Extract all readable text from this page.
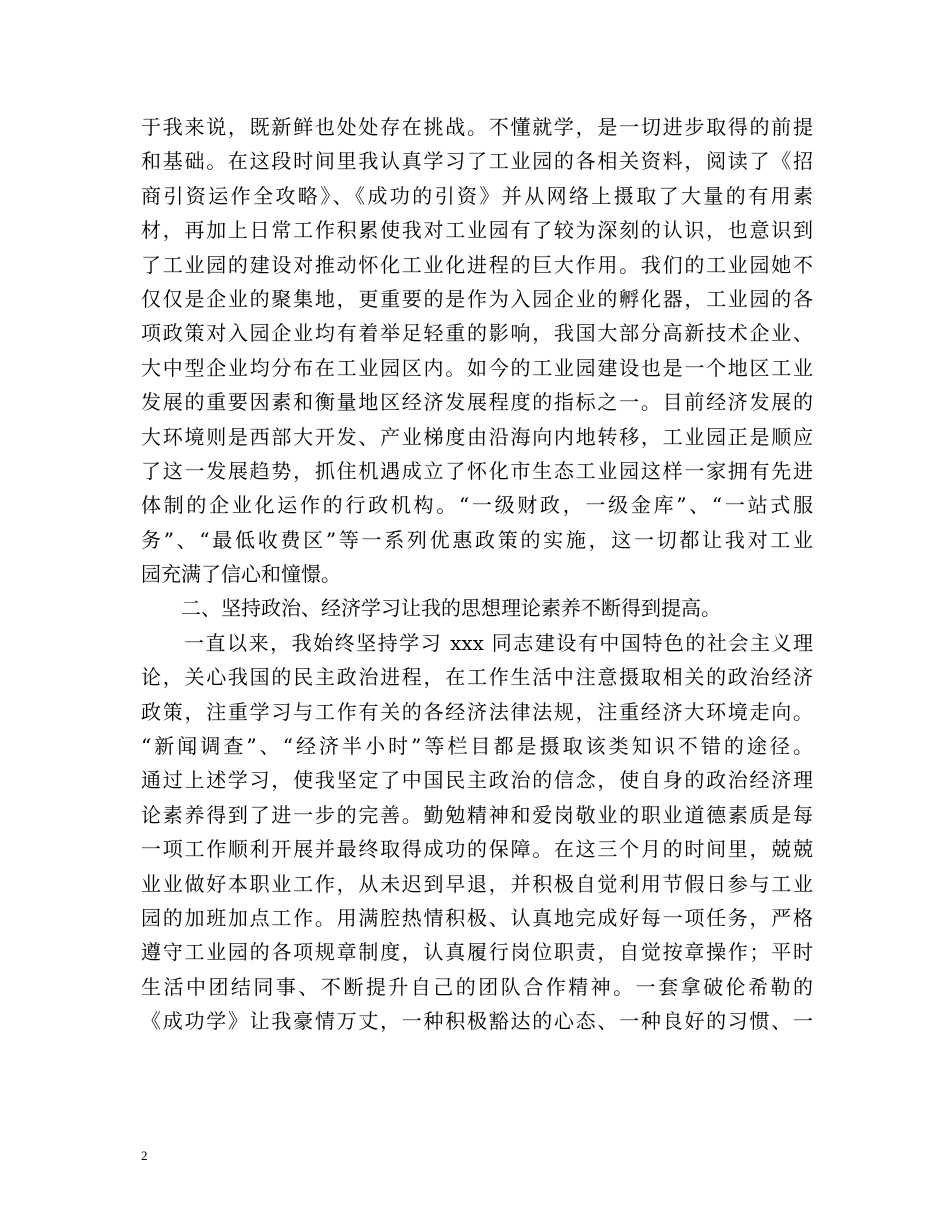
于我来说，既新鲜也处处存在挑战。不懂就学，是一切进步取得的前提
和基础。在这段时间里我认真学习了工业园的各相关资料，阅读了《招
商引资运作全攻略》、《成功的引资》并从网络上摄取了大量的有用素
材，再加上日常工作积累使我对工业园有了较为深刻的认识，也意识到
了工业园的建设对推动怀化工业化进程的巨大作用。我们的工业园她不
仅仅是企业的聚集地，更重要的是作为入园企业的孵化器，工业园的各
项政策对入园企业均有着举足轻重的影响，我国大部分高新技术企业、
大中型企业均分布在工业园区内。如今的工业园建设也是一个地区工业
发展的重要因素和衡量地区经济发展程度的指标之一。目前经济发展的
大环境则是西部大开发、产业梯度由沿海向内地转移，工业园正是顺应
了这一发展趋势，抓住机遇成立了怀化市生态工业园这样一家拥有先进
体制的企业化运作的行政机构。“一级财政，一级金库”、“一站式服
务”、“最低收费区”等一系列优惠政策的实施，这一切都让我对工业
园充满了信心和憧憬。
　　二、坚持政治、经济学习让我的思想理论素养不断得到提高。
　　一直以来，我始终坚持学习 xxx 同志建设有中国特色的社会主义理
论，关心我国的民主政治进程，在工作生活中注意摄取相关的政治经济
政策，注重学习与工作有关的各经济法律法规，注重经济大环境走向。
“新闻调查”、“经济半小时”等栏目都是摄取该类知识不错的途径。
通过上述学习，使我坚定了中国民主政治的信念，使自身的政治经济理
论素养得到了进一步的完善。勤勉精神和爱岗敬业的职业道德素质是每
一项工作顺利开展并最终取得成功的保障。在这三个月的时间里，兢兢
业业做好本职业工作，从未迟到早退，并积极自觉利用节假日参与工业
园的加班加点工作。用满腔热情积极、认真地完成好每一项任务，严格
遵守工业园的各项规章制度，认真履行岗位职责，自觉按章操作；平时
生活中团结同事、不断提升自己的团队合作精神。一套拿破伦希勒的
《成功学》让我豪情万丈，一种积极豁达的心态、一种良好的习惯、一
2
